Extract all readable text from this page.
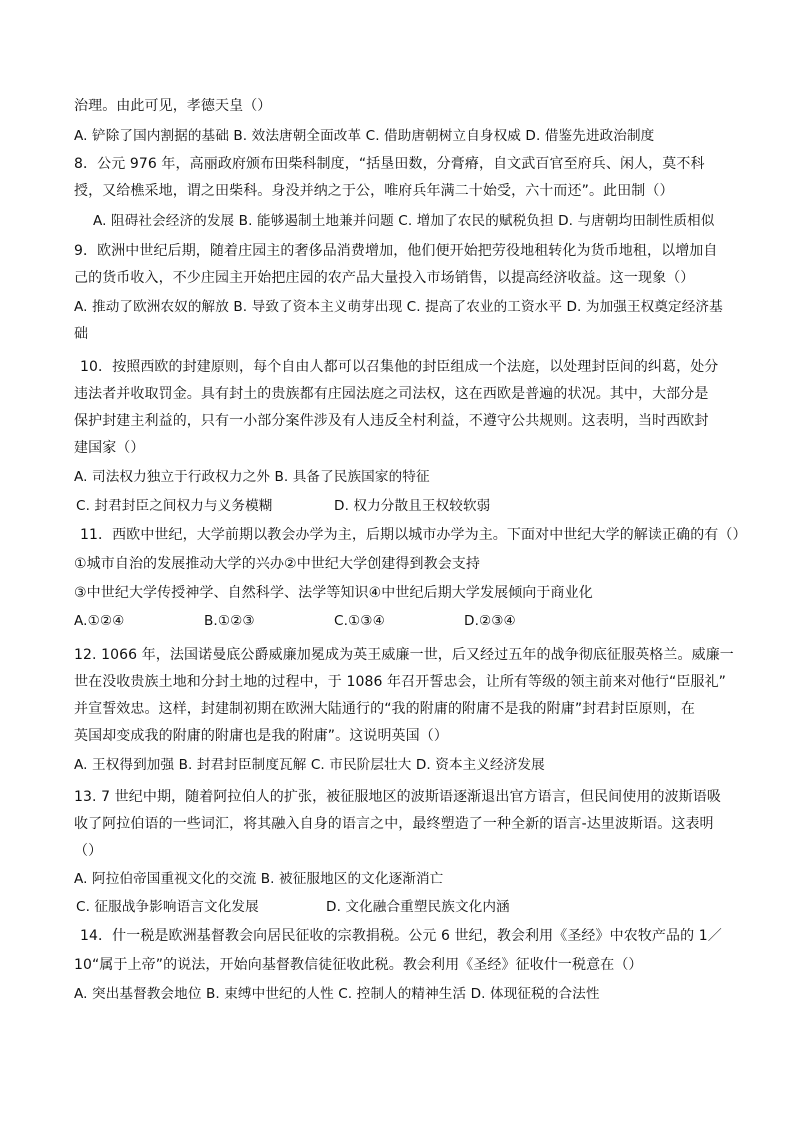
治理。由此可见，孝德天皇（）
A. 铲除了国内割据的基础 B. 效法唐朝全面改革 C. 借助唐朝树立自身权威 D. 借鉴先进政治制度
8．公元 976 年，高丽政府颁布田柴科制度，“括垦田数，分膏瘠，自文武百官至府兵、闲人，莫不科
授，又给樵采地，谓之田柴科。身没并纳之于公，唯府兵年满二十始受，六十而还”。此田制（）
A. 阻碍社会经济的发展 B. 能够遏制土地兼并问题 C. 增加了农民的赋税负担 D. 与唐朝均田制性质相似
9．欧洲中世纪后期，随着庄园主的奢侈品消费增加，他们便开始把劳役地租转化为货币地租，以增加自
己的货币收入，不少庄园主开始把庄园的农产品大量投入市场销售，以提高经济收益。这一现象（）
A. 推动了欧洲农奴的解放 B. 导致了资本主义萌芽出现 C. 提高了农业的工资水平 D. 为加强王权奠定经济基
础
10．按照西欧的封建原则，每个自由人都可以召集他的封臣组成一个法庭，以处理封臣间的纠葛，处分
违法者并收取罚金。具有封土的贵族都有庄园法庭之司法权，这在西欧是普遍的状况。其中，大部分是
保护封建主利益的，只有一小部分案件涉及有人违反全村利益，不遵守公共规则。这表明，当时西欧封
建国家（）
A. 司法权力独立于行政权力之外 B. 具备了民族国家的特征
C. 封君封臣之间权力与义务模糊	D. 权力分散且王权较软弱
11．西欧中世纪，大学前期以教会办学为主，后期以城市办学为主。下面对中世纪大学的解读正确的有（）
①城市自治的发展推动大学的兴办②中世纪大学创建得到教会支持
③中世纪大学传授神学、自然科学、法学等知识④中世纪后期大学发展倾向于商业化
A.①②④	B.①②③	C.①③④	D.②③④
12. 1066 年，法国诺曼底公爵威廉加冕成为英王威廉一世，后又经过五年的战争彻底征服英格兰。威廉一
世在没收贵族土地和分封土地的过程中，于 1086 年召开誓忠会，让所有等级的领主前来对他行“臣服礼”
并宣誓效忠。这样，封建制初期在欧洲大陆通行的“我的附庸的附庸不是我的附庸”封君封臣原则，在
英国却变成我的附庸的附庸也是我的附庸”。这说明英国（）
A. 王权得到加强 B. 封君封臣制度瓦解 C. 市民阶层壮大 D. 资本主义经济发展
13. 7 世纪中期，随着阿拉伯人的扩张，被征服地区的波斯语逐渐退出官方语言，但民间使用的波斯语吸
收了阿拉伯语的一些词汇，将其融入自身的语言之中，最终塑造了一种全新的语言-达里波斯语。这表明
（）
A. 阿拉伯帝国重视文化的交流 B. 被征服地区的文化逐渐消亡
C. 征服战争影响语言文化发展	D. 文化融合重塑民族文化内涵
14．什一税是欧洲基督教会向居民征收的宗教捐税。公元 6 世纪，教会利用《圣经》中农牧产品的 1／
10“属于上帝”的说法，开始向基督教信徒征收此税。教会利用《圣经》征收什一税意在（）
A. 突出基督教会地位 B. 束缚中世纪的人性 C. 控制人的精神生活 D. 体现征税的合法性
